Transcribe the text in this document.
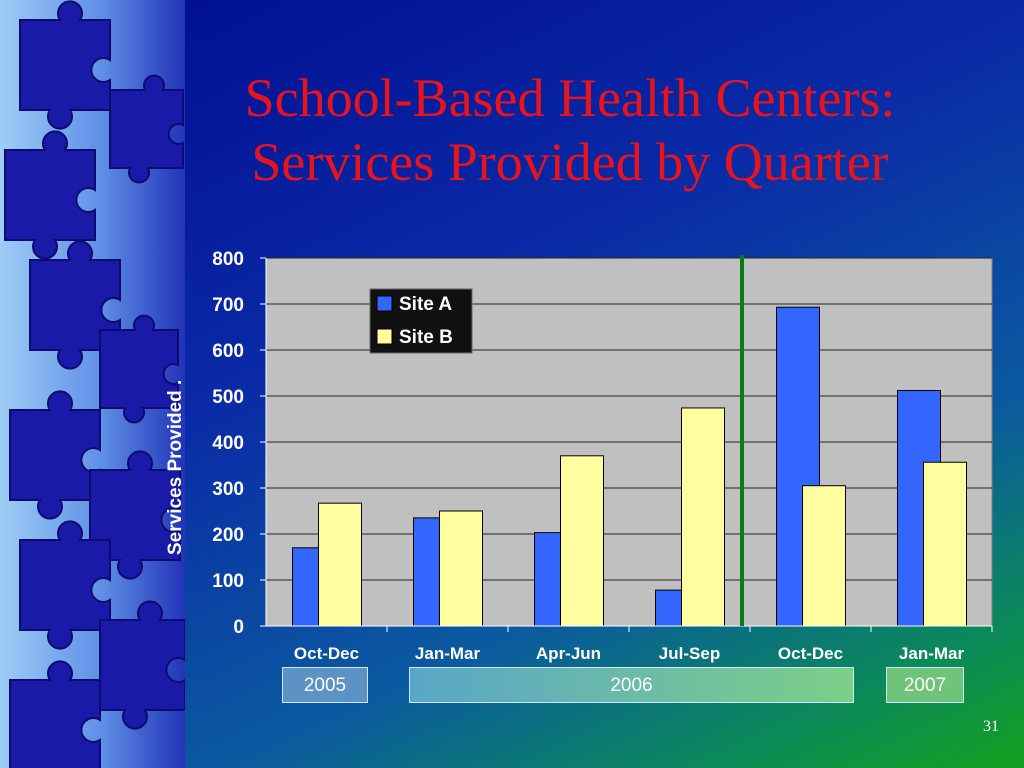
School-Based Health Centers:
Services Provided by Quarter
0
100
200
300
400
500
600
700
800
Oct-Dec	Jan-Mar	Apr-Jun	Jul-Sep	Oct-Dec	Jan-Mar
Site A
Site B
Services Provided .
2005	2006	2007
31
